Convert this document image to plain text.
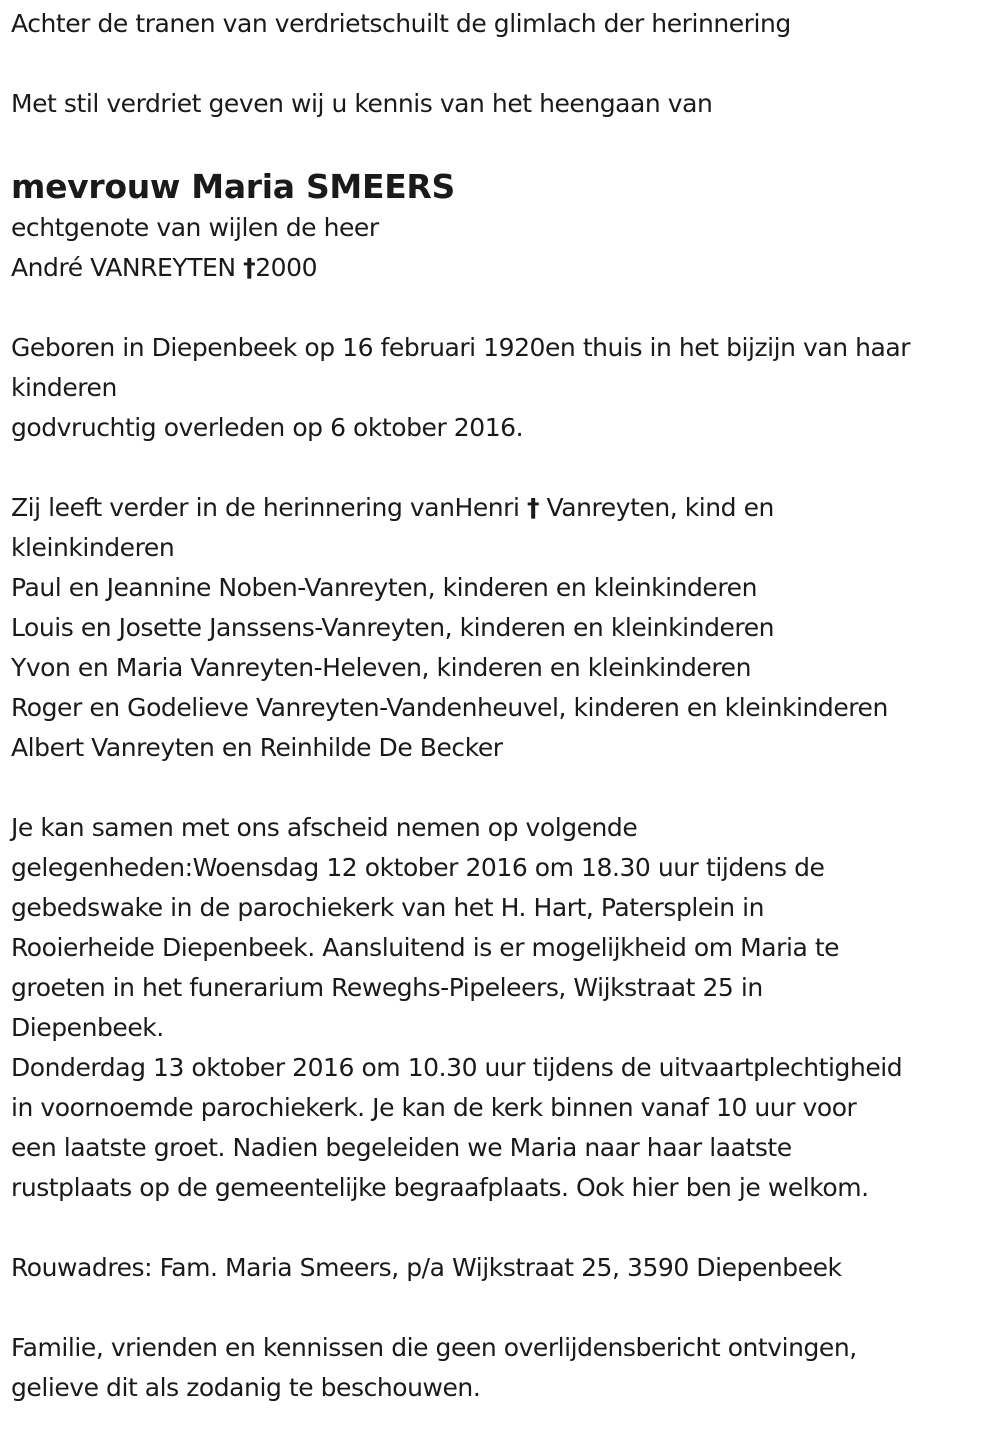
Achter de tranen van verdrietschuilt de glimlach der herinnering
Met stil verdriet geven wij u kennis van het heengaan van
mevrouw Maria SMEERS
echtgenote van wijlen de heer
André VANREYTEN †2000
Geboren in Diepenbeek op 16 februari 1920en thuis in het bijzijn van haar
kinderen
godvruchtig overleden op 6 oktober 2016.
Zij leeft verder in de herinnering vanHenri † Vanreyten, kind en
kleinkinderen
Paul en Jeannine Noben-Vanreyten, kinderen en kleinkinderen
Louis en Josette Janssens-Vanreyten, kinderen en kleinkinderen
Yvon en Maria Vanreyten-Heleven, kinderen en kleinkinderen
Roger en Godelieve Vanreyten-Vandenheuvel, kinderen en kleinkinderen
Albert Vanreyten en Reinhilde De Becker
Je kan samen met ons afscheid nemen op volgende
gelegenheden:Woensdag 12 oktober 2016 om 18.30 uur tijdens de
gebedswake in de parochiekerk van het H. Hart, Patersplein in
Rooierheide Diepenbeek. Aansluitend is er mogelijkheid om Maria te
groeten in het funerarium Reweghs-Pipeleers, Wijkstraat 25 in
Diepenbeek.
Donderdag 13 oktober 2016 om 10.30 uur tijdens de uitvaartplechtigheid
in voornoemde parochiekerk. Je kan de kerk binnen vanaf 10 uur voor
een laatste groet. Nadien begeleiden we Maria naar haar laatste
rustplaats op de gemeentelijke begraafplaats. Ook hier ben je welkom.
Rouwadres: Fam. Maria Smeers, p/a Wijkstraat 25, 3590 Diepenbeek
Familie, vrienden en kennissen die geen overlijdensbericht ontvingen,
gelieve dit als zodanig te beschouwen.
